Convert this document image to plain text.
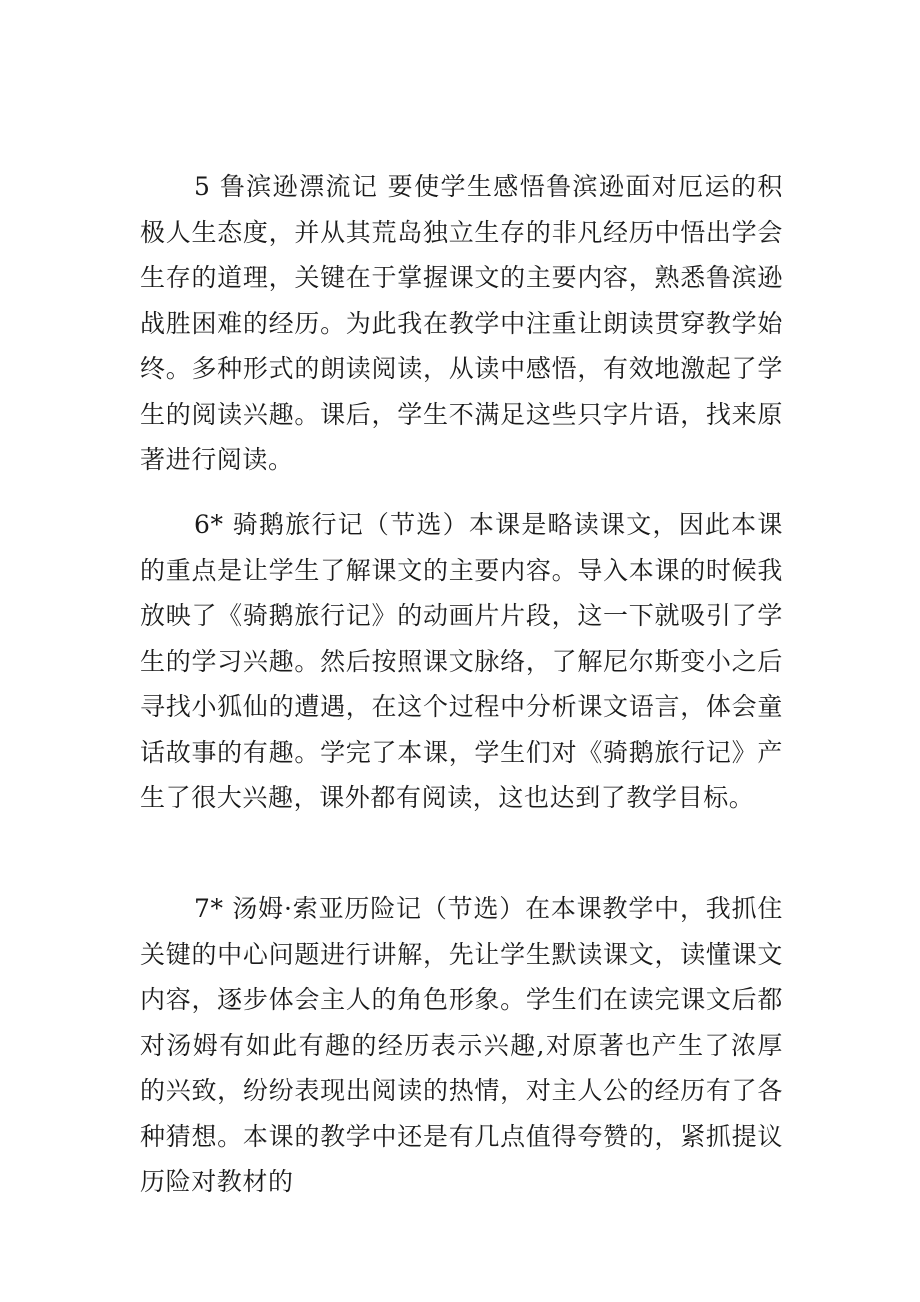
5 鲁滨逊漂流记 要使学生感悟鲁滨逊面对厄运的积极人生态度，并从其荒岛独立生存的非凡经历中悟出学会生存的道理，关键在于掌握课文的主要内容，熟悉鲁滨逊战胜困难的经历。为此我在教学中注重让朗读贯穿教学始终。多种形式的朗读阅读，从读中感悟，有效地激起了学生的阅读兴趣。课后，学生不满足这些只字片语，找来原著进行阅读。

6* 骑鹅旅行记（节选）本课是略读课文，因此本课的重点是让学生了解课文的主要内容。导入本课的时候我放映了《骑鹅旅行记》的动画片片段，这一下就吸引了学生的学习兴趣。然后按照课文脉络，了解尼尔斯变小之后寻找小狐仙的遭遇，在这个过程中分析课文语言，体会童话故事的有趣。学完了本课，学生们对《骑鹅旅行记》产生了很大兴趣，课外都有阅读，这也达到了教学目标。

7* 汤姆·索亚历险记（节选）在本课教学中，我抓住关键的中心问题进行讲解，先让学生默读课文，读懂课文内容，逐步体会主人的角色形象。学生们在读完课文后都对汤姆有如此有趣的经历表示兴趣,对原著也产生了浓厚的兴致，纷纷表现出阅读的热情，对主人公的经历有了各种猜想。本课的教学中还是有几点值得夸赞的，紧抓提议历险对教材的
